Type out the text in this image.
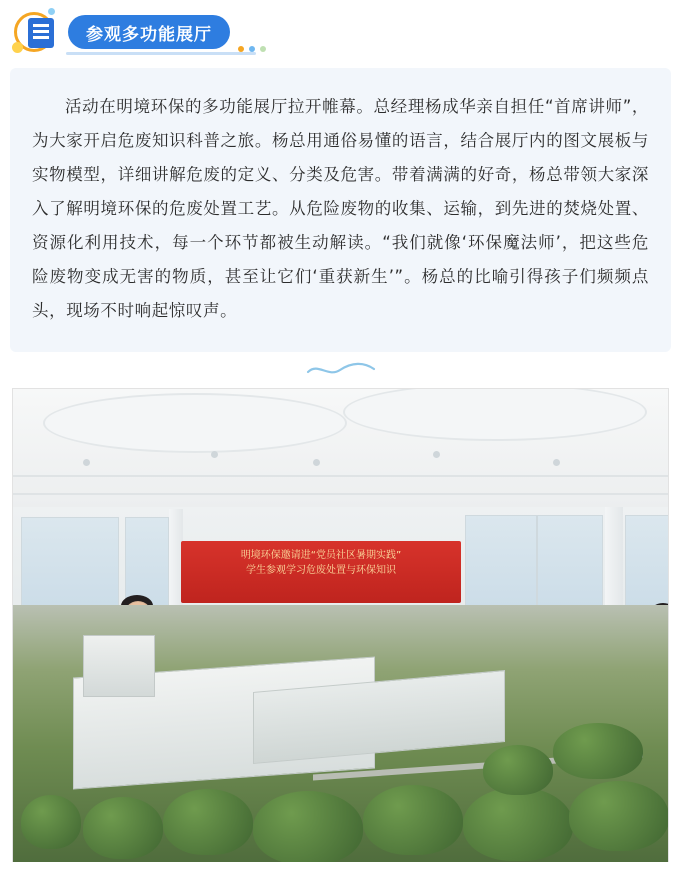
参观多功能展厅

活动在明境环保的多功能展厅拉开帷幕。总经理杨成华亲自担任“首席讲师”，为大家开启危废知识科普之旅。杨总用通俗易懂的语言，结合展厅内的图文展板与实物模型，详细讲解危废的定义、分类及危害。带着满满的好奇，杨总带领大家深入了解明境环保的危废处置工艺。从危险废物的收集、运输，到先进的焚烧处置、资源化利用技术，每一个环节都被生动解读。“我们就像‘环保魔法师’，把这些危险废物变成无害的物质，甚至让它们‘重获新生’”。杨总的比喻引得孩子们频频点头，现场不时响起惊叹声。

明境环保邀请进“党员社区暑期实践”
学生参观学习危废处置与环保知识
